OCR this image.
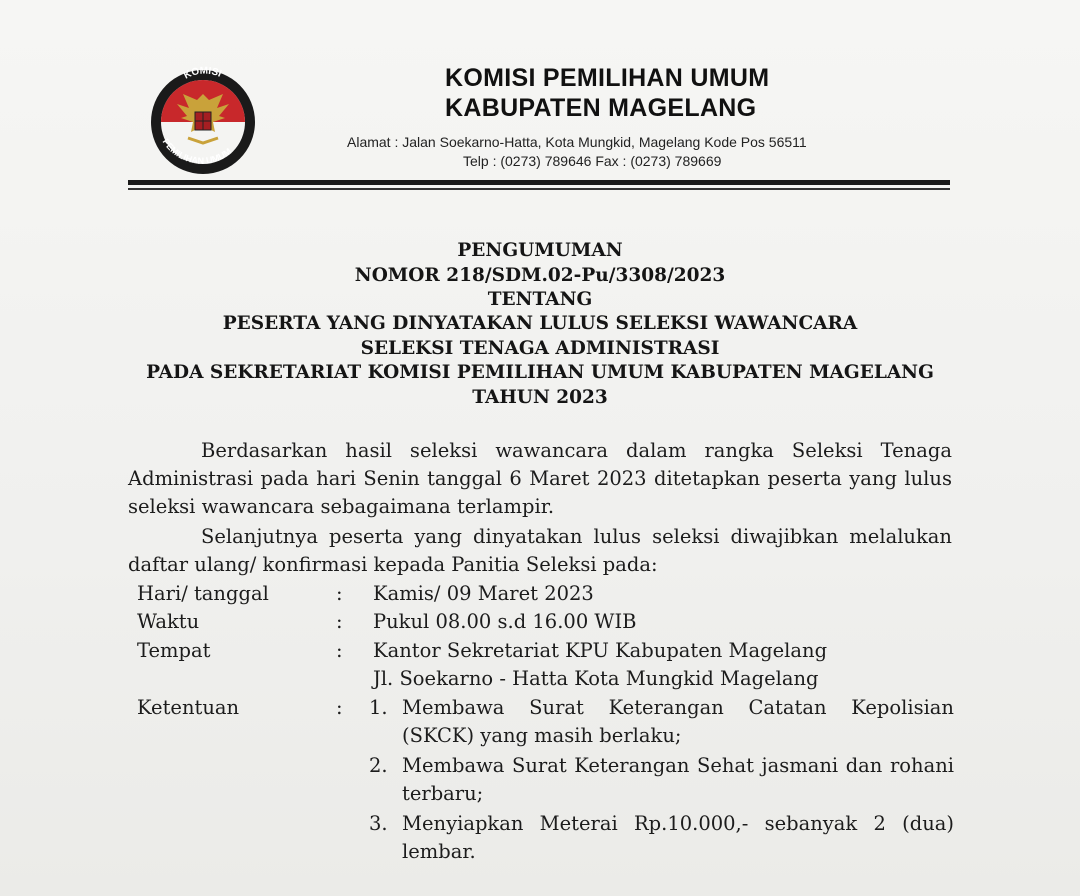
KOMISI
PEMILIHAN UMUM
KOMISI PEMILIHAN UMUM
KABUPATEN MAGELANG
Alamat : Jalan Soekarno-Hatta, Kota Mungkid, Magelang Kode Pos 56511
Telp : (0273) 789646 Fax : (0273) 789669
PENGUMUMAN
NOMOR 218/SDM.02-Pu/3308/2023
TENTANG
PESERTA YANG DINYATAKAN LULUS SELEKSI WAWANCARA
SELEKSI TENAGA ADMINISTRASI
PADA SEKRETARIAT KOMISI PEMILIHAN UMUM KABUPATEN MAGELANG
TAHUN 2023
Berdasarkan hasil seleksi wawancara dalam rangka Seleksi Tenaga Administrasi pada hari Senin tanggal 6 Maret 2023 ditetapkan peserta yang lulus seleksi wawancara sebagaimana terlampir.
Selanjutnya peserta yang dinyatakan lulus seleksi diwajibkan melalukan daftar ulang/ konfirmasi kepada Panitia Seleksi pada:
Hari/ tanggal	: Kamis/ 09 Maret 2023
Waktu	: Pukul 08.00 s.d 16.00 WIB
Tempat	: Kantor Sekretariat KPU Kabupaten Magelang
Jl. Soekarno - Hatta Kota Mungkid Magelang
Ketentuan	: 1. Membawa Surat Keterangan Catatan Kepolisian (SKCK) yang masih berlaku;
2. Membawa Surat Keterangan Sehat jasmani dan rohani terbaru;
3. Menyiapkan Meterai Rp.10.000,- sebanyak 2 (dua) lembar.
